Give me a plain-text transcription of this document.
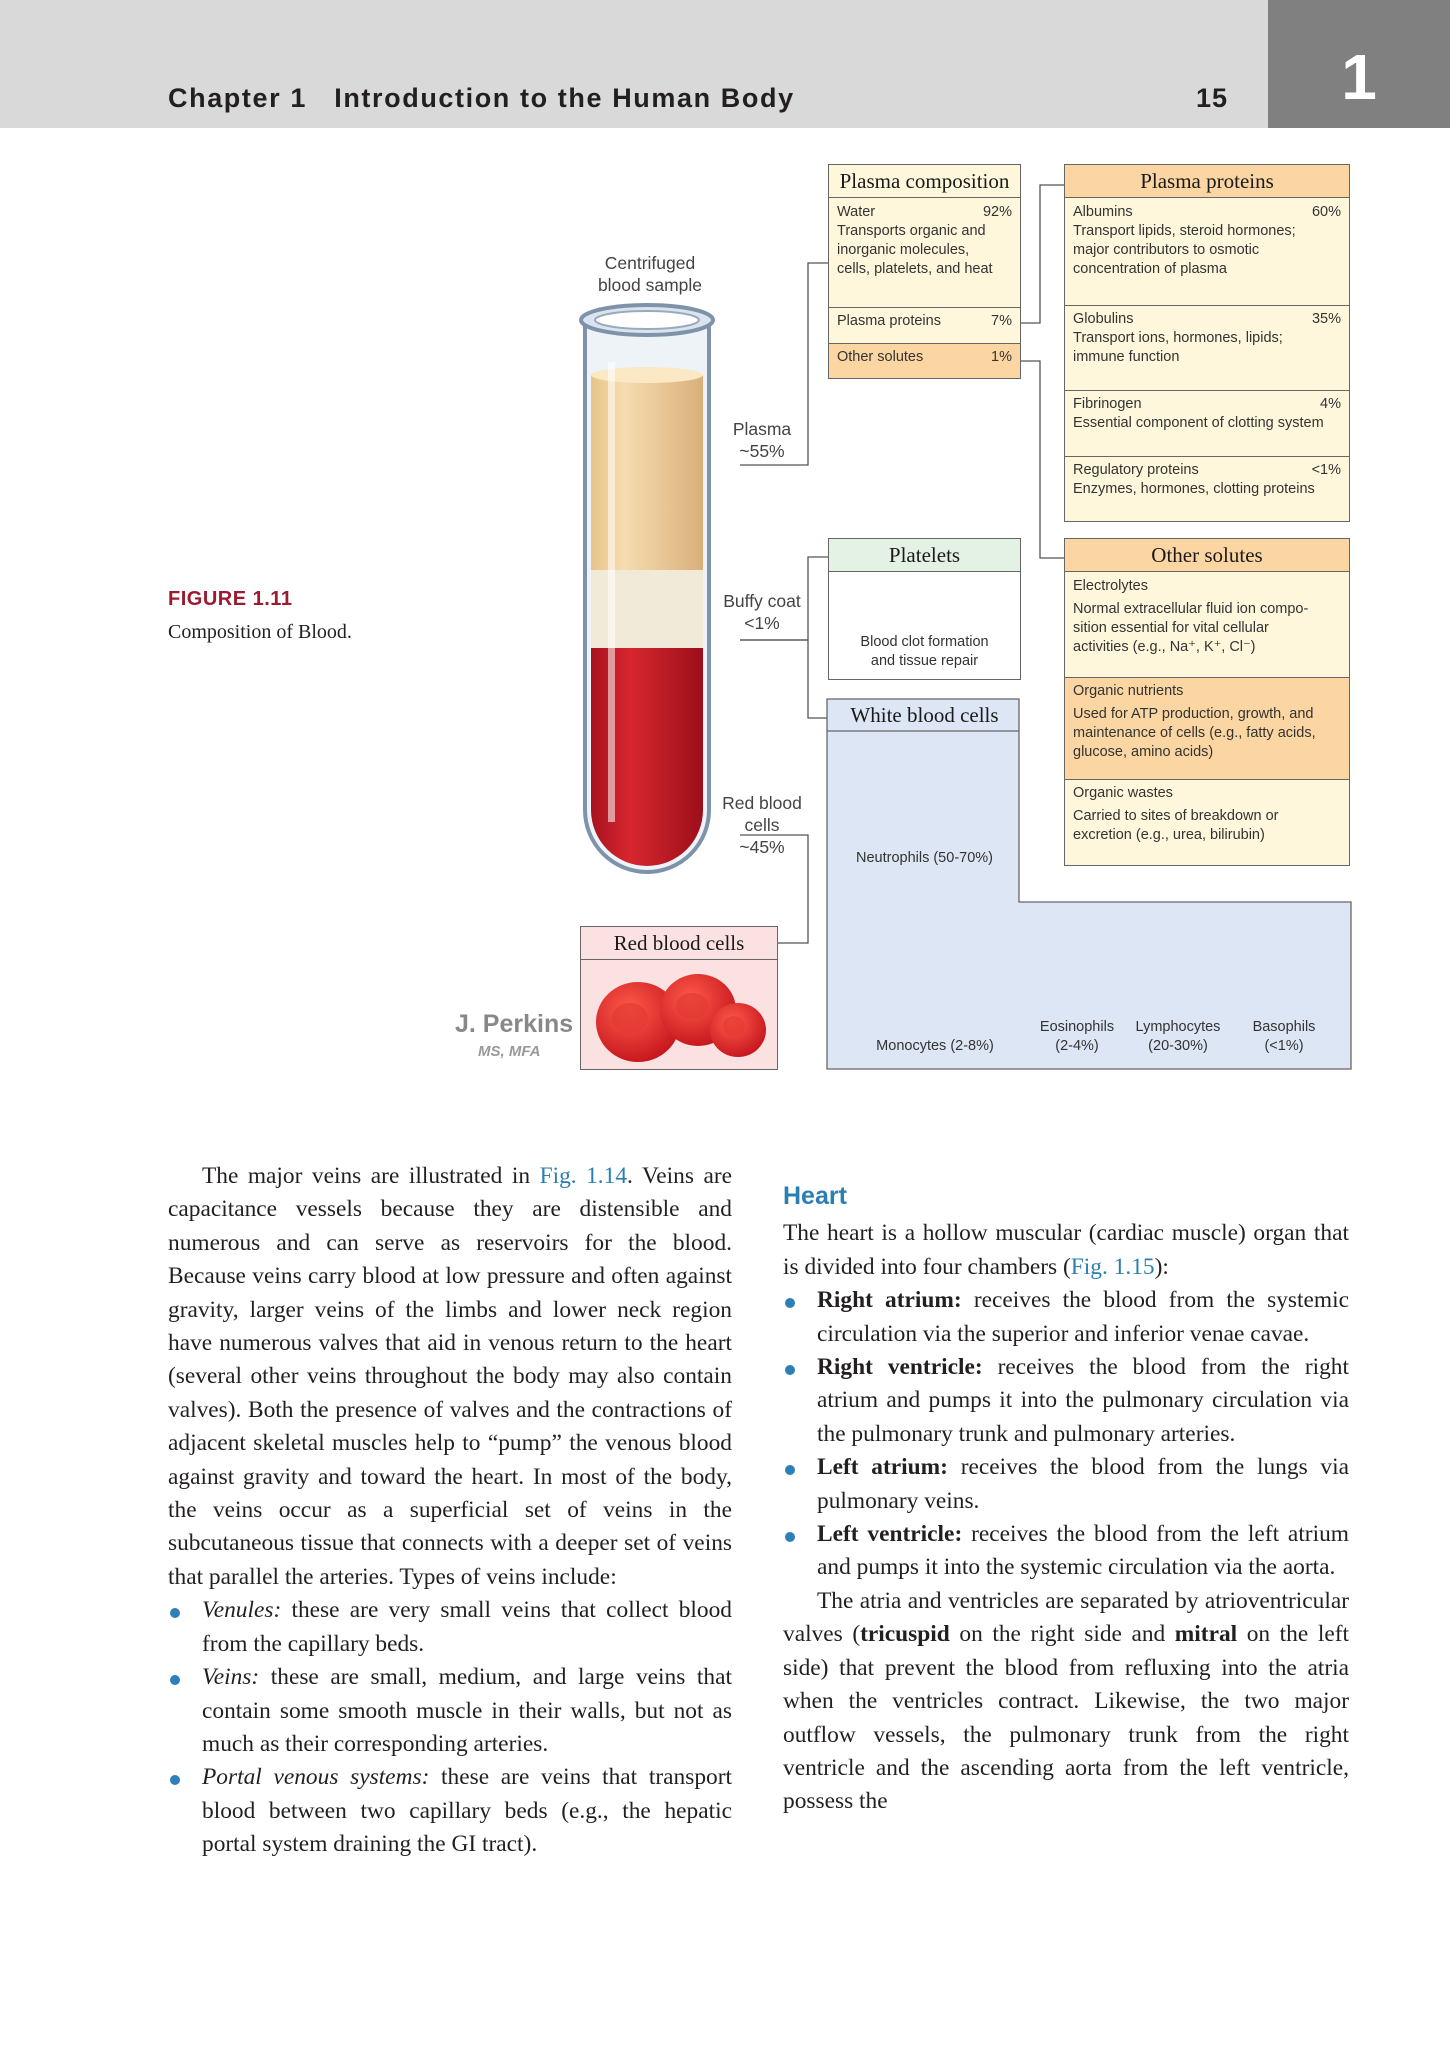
Chapter 1   Introduction to the Human Body	15	1
FIGURE 1.11
Composition of Blood.
Centrifuged
blood sample
Plasma
~55%
Buffy coat
<1%
Red blood
cells
~45%
Plasma composition
Water	92%
Transports organic and
inorganic molecules,
cells, platelets, and heat
Plasma proteins	7%
Other solutes	1%
Plasma proteins
Albumins	60%
Transport lipids, steroid hormones;
major contributors to osmotic
concentration of plasma
Globulins	35%
Transport ions, hormones, lipids;
immune function
Fibrinogen	4%
Essential component of clotting system
Regulatory proteins	<1%
Enzymes, hormones, clotting proteins
Platelets
Blood clot formation
and tissue repair
Other solutes
Electrolytes
Normal extracellular fluid ion compo-
sition essential for vital cellular
activities (e.g., Na⁺, K⁺, Cl⁻)
Organic nutrients
Used for ATP production, growth, and
maintenance of cells (e.g., fatty acids,
glucose, amino acids)
Organic wastes
Carried to sites of breakdown or
excretion (e.g., urea, bilirubin)
White blood cells
Neutrophils (50-70%)
Monocytes (2-8%)
Eosinophils
(2-4%)
Lymphocytes
(20-30%)
Basophils
(<1%)
Red blood cells
J. Perkins
MS, MFA

The major veins are illustrated in Fig. 1.14. Veins are capacitance vessels because they are distensible and numerous and can serve as reservoirs for the blood. Because veins carry blood at low pressure and often against gravity, larger veins of the limbs and lower neck region have numerous valves that aid in venous return to the heart (several other veins throughout the body may also contain valves). Both the presence of valves and the contractions of adjacent skeletal muscles help to “pump” the venous blood against gravity and toward the heart. In most of the body, the veins occur as a superficial set of veins in the subcutaneous tissue that connects with a deeper set of veins that parallel the arteries. Types of veins include:

Venules: these are very small veins that collect blood from the capillary beds.
Veins: these are small, medium, and large veins that contain some smooth muscle in their walls, but not as much as their corresponding arteries.
Portal venous systems: these are veins that transport blood between two capillary beds (e.g., the hepatic portal system draining the GI tract).
Heart

The heart is a hollow muscular (cardiac muscle) organ that is divided into four chambers (Fig. 1.15):

Right atrium: receives the blood from the systemic circulation via the superior and inferior venae cavae.
Right ventricle: receives the blood from the right atrium and pumps it into the pulmonary circulation via the pulmonary trunk and pulmonary arteries.
Left atrium: receives the blood from the lungs via pulmonary veins.
Left ventricle: receives the blood from the left atrium and pumps it into the systemic circulation via the aorta.

The atria and ventricles are separated by atrioventricular valves (tricuspid on the right side and mitral on the left side) that prevent the blood from refluxing into the atria when the ventricles contract. Likewise, the two major outflow vessels, the pulmonary trunk from the right ventricle and the ascending aorta from the left ventricle, possess the
